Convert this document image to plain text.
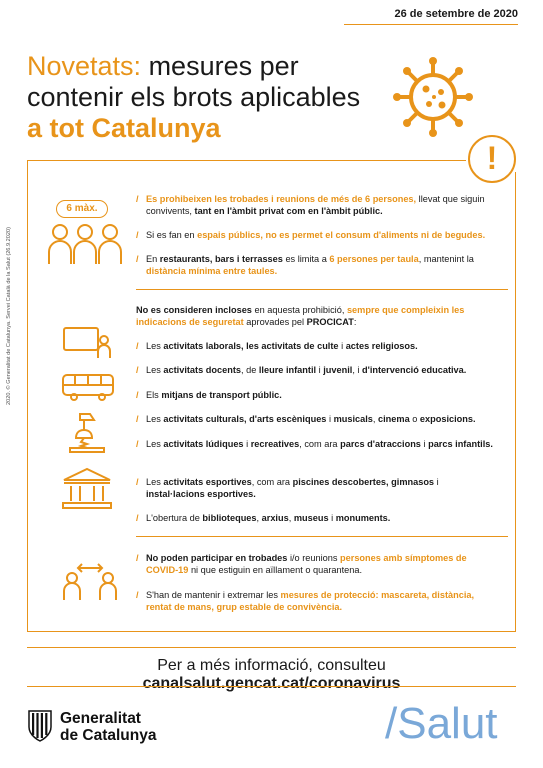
26 de setembre de 2020
Novetats: mesures per
contenir els brots aplicables
a tot Catalunya
!
2020. © Generalitat de Catalunya. Servei Català de la Salut (26.9.2020)
6 màx.
/ Es prohibeixen les trobades i reunions de més de 6 persones, llevat que siguin convivents, tant en l'àmbit privat com en l'àmbit públic.
/ Si es fan en espais públics, no es permet el consum d'aliments ni de begudes.
/ En restaurants, bars i terrasses es limita a 6 persones per taula, mantenint la distància mínima entre taules.
No es consideren incloses en aquesta prohibició, sempre que compleixin les indicacions de seguretat aprovades pel PROCICAT:
/ Les activitats laborals, les activitats de culte i actes religiosos.
/ Les activitats docents, de lleure infantil i juvenil, i d'intervenció educativa.
/ Els mitjans de transport públic.
/ Les activitats culturals, d'arts escèniques i musicals, cinema o exposicions.
/ Les activitats lúdiques i recreatives, com ara parcs d'atraccions i parcs infantils.
/ Les activitats esportives, com ara piscines descobertes, gimnasos i instal·lacions esportives.
/ L'obertura de biblioteques, arxius, museus i monuments.
/ No poden participar en trobades i/o reunions persones amb símptomes de COVID-19 ni que estiguin en aïllament o quarantena.
/ S'han de mantenir i extremar les mesures de protecció: mascareta, distància, rentat de mans, grup estable de convivència.
Per a més informació, consulteu canalsalut.gencat.cat/coronavirus
Generalitat
de Catalunya	/Salut
